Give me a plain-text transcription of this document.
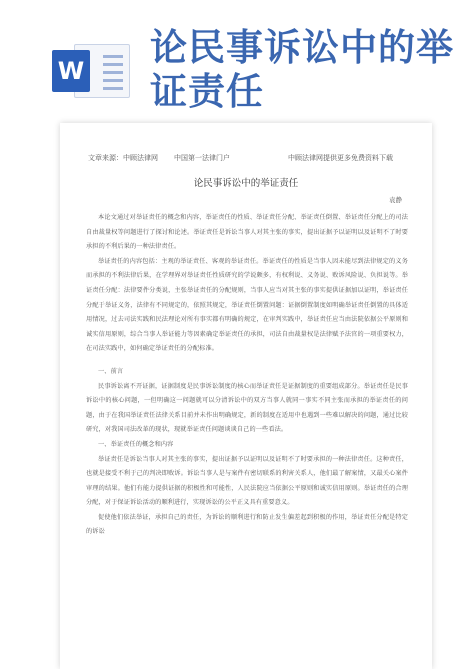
W
论民事诉讼中的举证责任
文章来源：中顾法律网 中国第一法律门户	中顾法律网提供更多免费资料下载
论民事诉讼中的举证责任
袁静

本论文通过对举证责任的概念和内容，举证责任的性质、举证责任分配、举证责任倒置、举证责任分配上的司法自由裁量权等问题进行了探讨和论述。举证责任是诉讼当事人对其主张的事实，提出证据予以证明以及证明不了时要承担的不利后果的一种法律责任。

举证责任的内容包括：主观的举证责任、客观的举证责任。举证责任的性质是当事人因未能尽到法律规定的义务而承担的不利法律后果，在学理界对举证责任性质研究的学说颇多，有权利说、义务说、败诉风险说、负担说等。举证责任分配：法律要件分类说，主张举证责任的分配规则，当事人应当对其主张的事实提供证据加以证明，举证责任分配于举证义务，法律有不同规定的，依照其规定，举证责任倒置问题：证据倒置制度如明确举证责任倒置的具体适用情况，过去司法实践和民法理论对所有事实都有明确的规定，在审判实践中，举证责任应当由法院依据公平原则和诚实信用原则，综合当事人举证能力等因素确定举证责任的承担，司法自由裁量权是法律赋予法官的一项重要权力，在司法实践中，如何确定举证责任的分配标准。

一、前言

民事诉讼离不开证据，证据制度是民事诉讼制度的核心而举证责任是证据制度的重要组成部分。举证责任是民事诉讼中的核心问题，一但明确这一问题就可以分清诉讼中的双方当事人就同一事实不同主张而承担的举证责任的问题，由于在我国举证责任法律关系目前并未作出明确规定，新的制度在适用中也遇到一些难以解决的问题，通过比较研究，对我国司法改革的现状，现就举证责任问题谈谈自己的一些看法。

一、举证责任的概念和内容

举证责任是诉讼当事人对其主张的事实，提出证据予以证明以及证明不了时要承担的一种法律责任。这种责任，也就是接受不利于己的判决即败诉。诉讼当事人是与案件有密切联系的利害关系人，他们最了解案情，又最关心案件审理的结果。他们有能力提供证据的积极性和可能性，人民法院应当依据公平原则和诚实信用原则。举证责任的合理分配，对于保证诉讼活动的顺利进行，实现诉讼的公平正义具有重要意义。

促使他们依法举证，承担自己的责任，为诉讼的顺利进行和防止发生偏差起到积极的作用，举证责任分配是特定的诉讼
